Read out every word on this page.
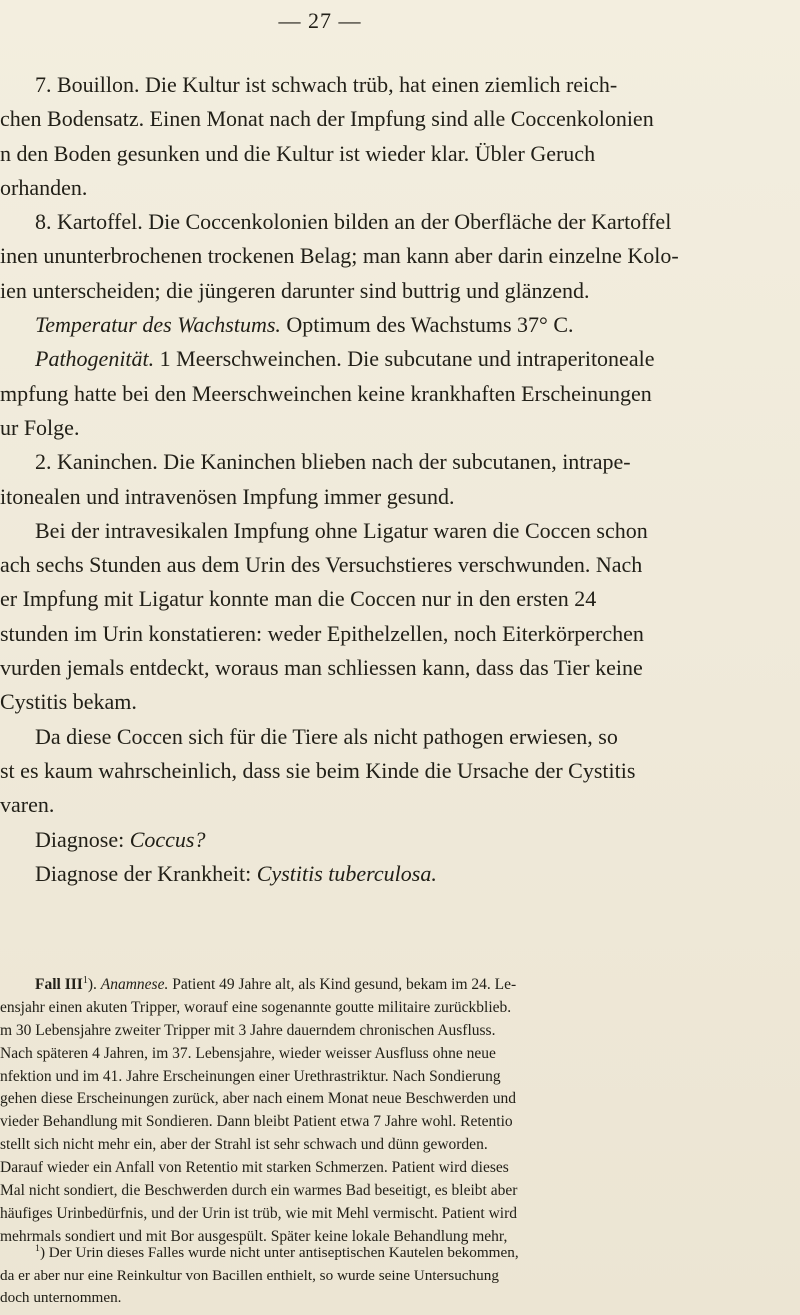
— 27 —
7. Bouillon. Die Kultur ist schwach trüb, hat einen ziemlich reich-
chen Bodensatz. Einen Monat nach der Impfung sind alle Coccenkolonien
n den Boden gesunken und die Kultur ist wieder klar. Übler Geruch
orhanden.
8. Kartoffel. Die Coccenkolonien bilden an der Oberfläche der Kartoffel
inen ununterbrochenen trockenen Belag; man kann aber darin einzelne Kolo-
ien unterscheiden; die jüngeren darunter sind buttrig und glänzend.
Temperatur des Wachstums. Optimum des Wachstums 37° C.
Pathogenität. 1 Meerschweinchen. Die subcutane und intraperitoneale
mpfung hatte bei den Meerschweinchen keine krankhaften Erscheinungen
ur Folge.
2. Kaninchen. Die Kaninchen blieben nach der subcutanen, intrape-
itonealen und intravenösen Impfung immer gesund.
Bei der intravesikalen Impfung ohne Ligatur waren die Coccen schon
ach sechs Stunden aus dem Urin des Versuchstieres verschwunden. Nach
er Impfung mit Ligatur konnte man die Coccen nur in den ersten 24
stunden im Urin konstatieren: weder Epithelzellen, noch Eiterkörperchen
vurden jemals entdeckt, woraus man schliessen kann, dass das Tier keine
Cystitis bekam.
Da diese Coccen sich für die Tiere als nicht pathogen erwiesen, so
st es kaum wahrscheinlich, dass sie beim Kinde die Ursache der Cystitis
varen.
Diagnose: Coccus?
Diagnose der Krankheit: Cystitis tuberculosa.
Fall III$^1$). Anamnese. Patient 49 Jahre alt, als Kind gesund, bekam im 24. Le-
ensjahr einen akuten Tripper, worauf eine sogenannte goutte militaire zurückblieb.
m 30 Lebensjahre zweiter Tripper mit 3 Jahre dauerndem chronischen Ausfluss.
Nach späteren 4 Jahren, im 37. Lebensjahre, wieder weisser Ausfluss ohne neue
nfektion und im 41. Jahre Erscheinungen einer Urethrastriktur. Nach Sondierung
gehen diese Erscheinungen zurück, aber nach einem Monat neue Beschwerden und
vieder Behandlung mit Sondieren. Dann bleibt Patient etwa 7 Jahre wohl. Retentio
stellt sich nicht mehr ein, aber der Strahl ist sehr schwach und dünn geworden.
Darauf wieder ein Anfall von Retentio mit starken Schmerzen. Patient wird dieses
Mal nicht sondiert, die Beschwerden durch ein warmes Bad beseitigt, es bleibt aber
häufiges Urinbedürfnis, und der Urin ist trüb, wie mit Mehl vermischt. Patient wird
mehrmals sondiert und mit Bor ausgespült. Später keine lokale Behandlung mehr,
$^1$) Der Urin dieses Falles wurde nicht unter antiseptischen Kautelen bekommen,
da er aber nur eine Reinkultur von Bacillen enthielt, so wurde seine Untersuchung
doch unternommen.
